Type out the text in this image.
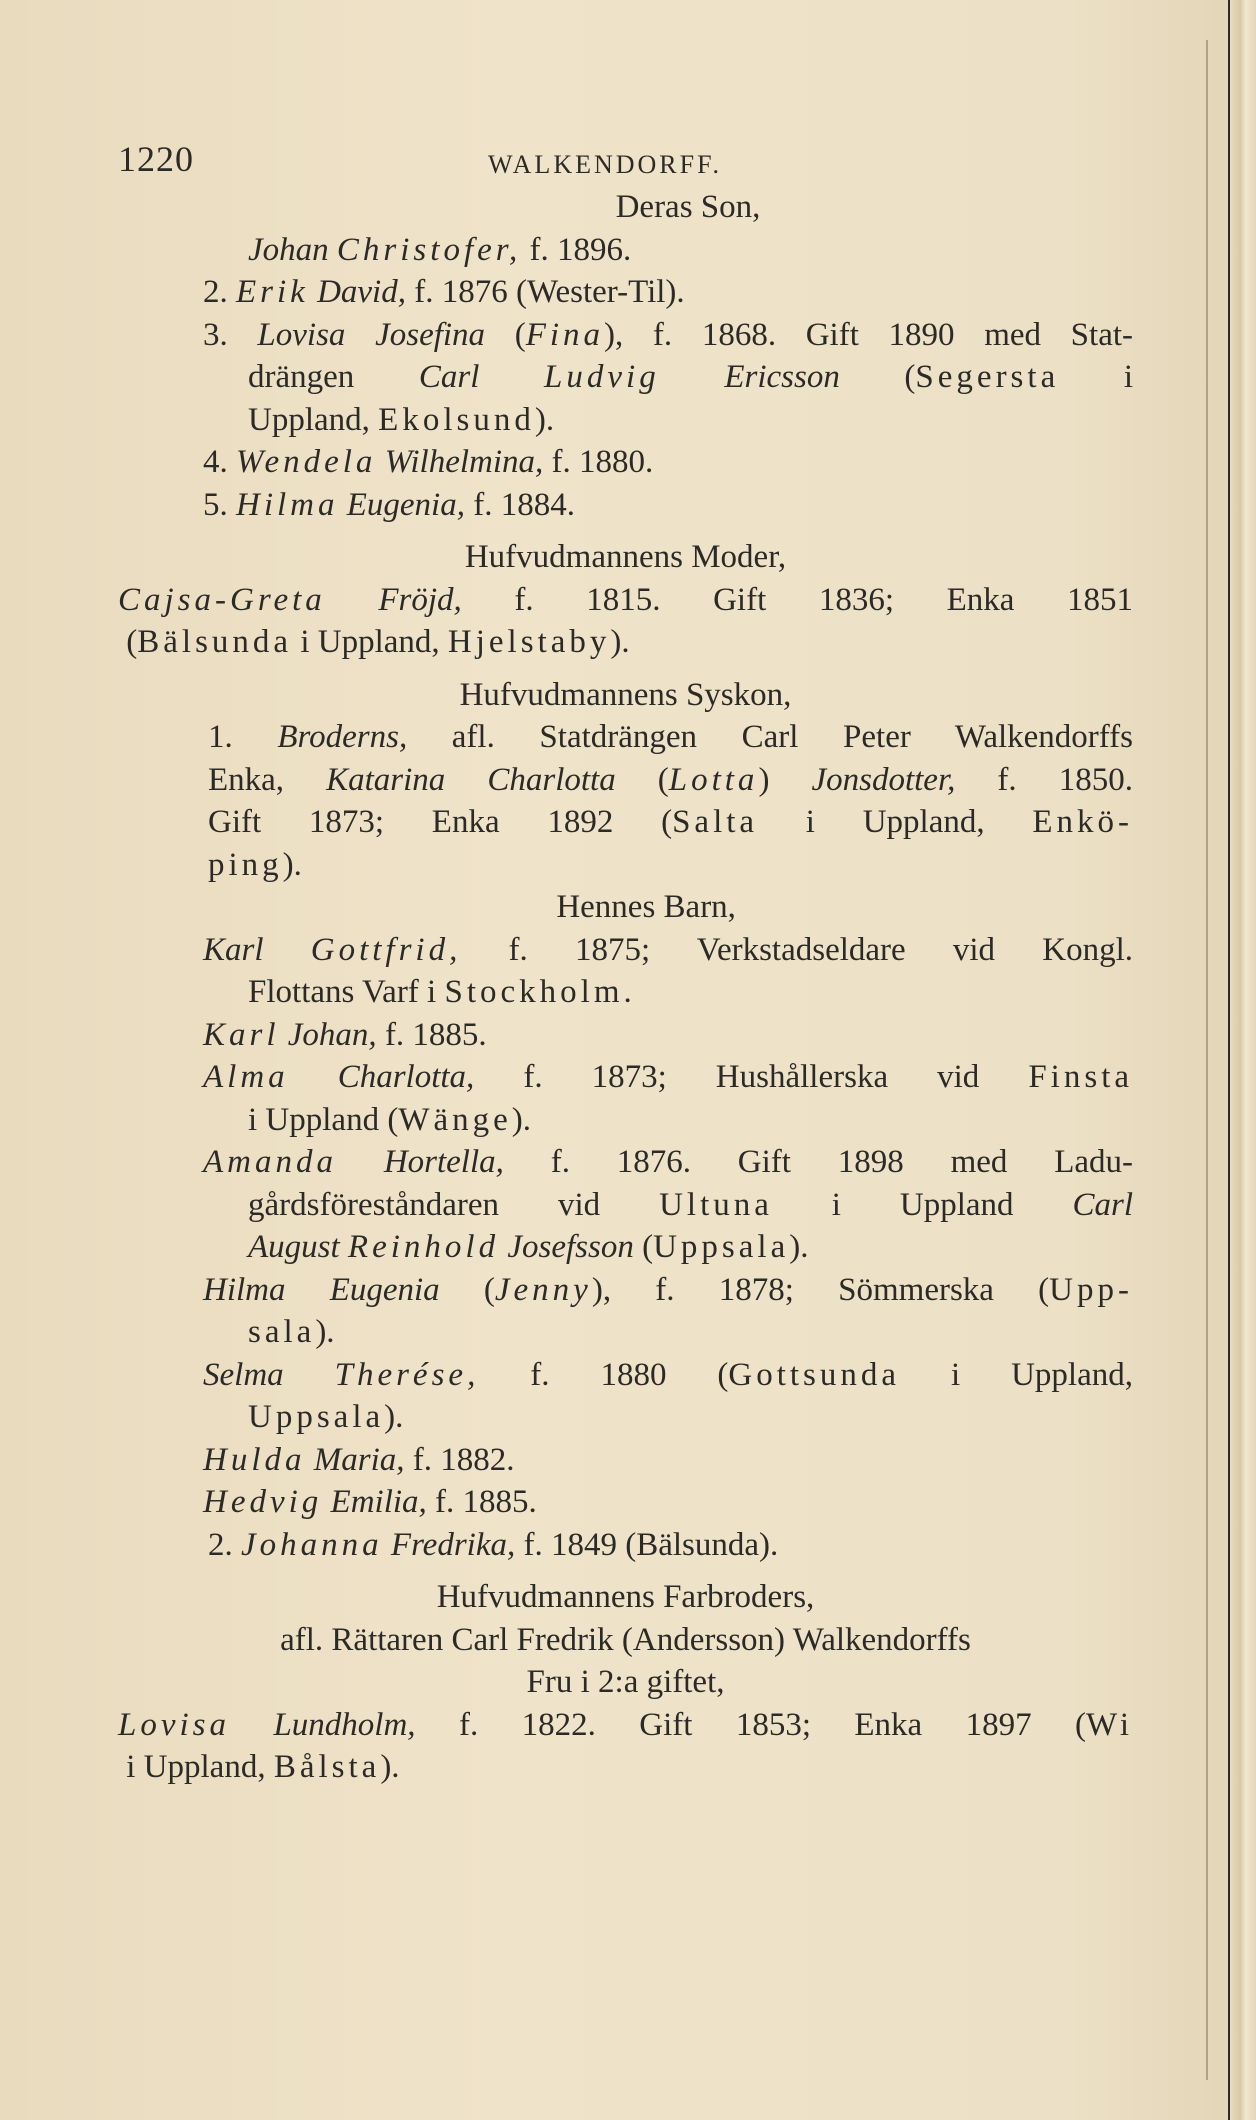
1220	WALKENDORFF.
Deras Son,
Johan Christofer, f. 1896.
2. Erik David, f. 1876 (Wester-Til).
3. Lovisa Josefina (Fina), f. 1868. Gift 1890 med Stat-
drängen Carl Ludvig Ericsson (Segersta i
Uppland, Ekolsund).
4. Wendela Wilhelmina, f. 1880.
5. Hilma Eugenia, f. 1884.
Hufvudmannens Moder,
Cajsa-Greta Fröjd, f. 1815. Gift 1836; Enka 1851
(Bälsunda i Uppland, Hjelstaby).
Hufvudmannens Syskon,
1. Broderns, afl. Statdrängen Carl Peter Walkendorffs
Enka, Katarina Charlotta (Lotta) Jonsdotter, f. 1850.
Gift 1873; Enka 1892 (Salta i Uppland, Enkö-
ping).
Hennes Barn,
Karl Gottfrid, f. 1875; Verkstadseldare vid Kongl.
Flottans Varf i Stockholm.
Karl Johan, f. 1885.
Alma Charlotta, f. 1873; Hushållerska vid Finsta
i Uppland (Wänge).
Amanda Hortella, f. 1876. Gift 1898 med Ladu-
gårdsföreståndaren vid Ultuna i Uppland Carl
August Reinhold Josefsson (Uppsala).
Hilma Eugenia (Jenny), f. 1878; Sömmerska (Upp-
sala).
Selma Therése, f. 1880 (Gottsunda i Uppland,
Uppsala).
Hulda Maria, f. 1882.
Hedvig Emilia, f. 1885.
2. Johanna Fredrika, f. 1849 (Bälsunda).
Hufvudmannens Farbroders,
afl. Rättaren Carl Fredrik (Andersson) Walkendorffs
Fru i 2:a giftet,
Lovisa Lundholm, f. 1822. Gift 1853; Enka 1897 (Wi
i Uppland, Bålsta).
